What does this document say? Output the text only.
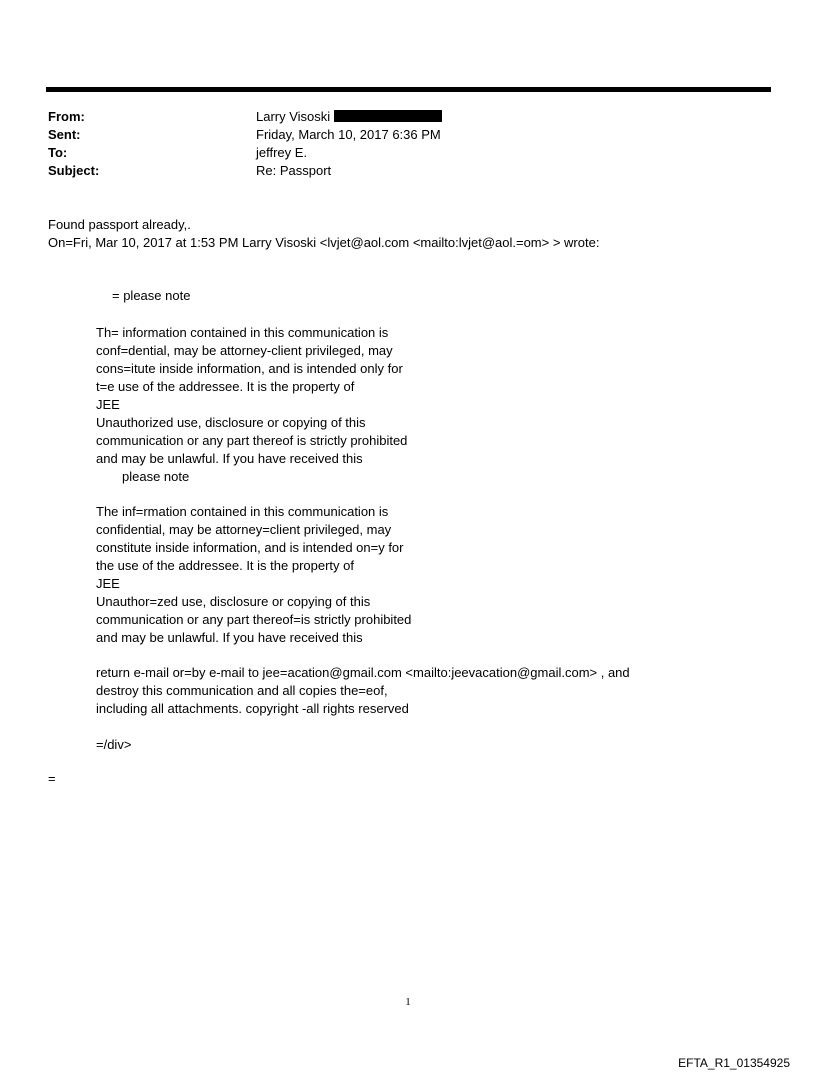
From:	Larry Visoski
Sent:	Friday, March 10, 2017 6:36 PM
To:	jeffrey E.
Subject:	Re: Passport
Found passport already,.
On=Fri, Mar 10, 2017 at 1:53 PM Larry Visoski <lvjet@aol.com <mailto:lvjet@aol.=om> > wrote:
= please note
Th= information contained in this communication is
conf=dential, may be attorney-client privileged, may
cons=itute inside information, and is intended only for
t=e use of the addressee. It is the property of
JEE
Unauthorized use, disclosure or copying of this
communication or any part thereof is strictly prohibited
and may be unlawful. If you have received this
please note
The inf=rmation contained in this communication is
confidential, may be attorney=client privileged, may
constitute inside information, and is intended on=y for
the use of the addressee. It is the property of
JEE
Unauthor=zed use, disclosure or copying of this
communication or any part thereof=is strictly prohibited
and may be unlawful. If you have received this
return e-mail or=by e-mail to jee=acation@gmail.com <mailto:jeevacation@gmail.com> , and
destroy this communication and all copies the=eof,
including all attachments. copyright -all rights reserved
=/div>
=
1
EFTA_R1_01354925
